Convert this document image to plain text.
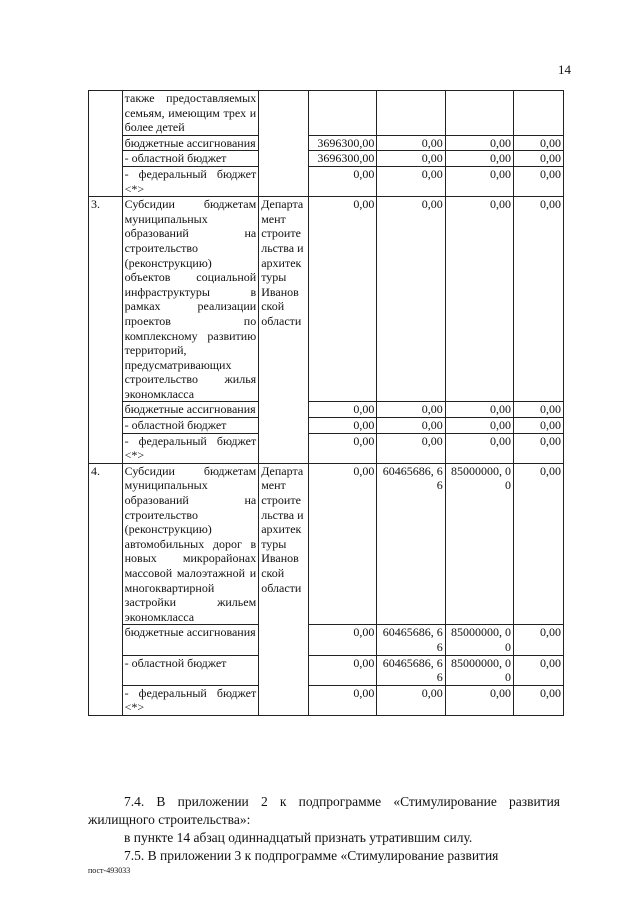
14
	также предоставляемых семьям, имеющим трех и более детей					
	бюджетные ассигнования		3696300,00	0,00	0,00	0,00
	- областной бюджет		3696300,00	0,00	0,00	0,00
	- федеральный бюджет <*>		0,00	0,00	0,00	0,00
3.	Субсидии бюджетам муниципальных образований на строительство (реконструкцию) объектов социальной инфраструктуры в рамках реализации проектов по комплексному развитию территорий, предусматривающих строительство жилья экономкласса	Департа мент строите льства и архитек туры Иванов ской области	0,00	0,00	0,00	0,00
	бюджетные ассигнования		0,00	0,00	0,00	0,00
	- областной бюджет		0,00	0,00	0,00	0,00
	- федеральный бюджет <*>		0,00	0,00	0,00	0,00
4.	Субсидии бюджетам муниципальных образований на строительство (реконструкцию) автомобильных дорог в новых микрорайонах массовой малоэтажной и многоквартирной застройки жильем экономкласса	Департа мент строите льства и архитек туры Иванов ской области	0,00	60465686, 66	85000000, 00	0,00
	бюджетные ассигнования		0,00	60465686, 66	85000000, 00	0,00
	- областной бюджет		0,00	60465686, 66	85000000, 00	0,00
	- федеральный бюджет <*>		0,00	0,00	0,00	0,00
7.4. В приложении 2 к подпрограмме «Стимулирование развития жилищного строительства»:
в пункте 14 абзац одиннадцатый признать утратившим силу.
7.5. В приложении 3 к подпрограмме «Стимулирование развития
пост-493033
